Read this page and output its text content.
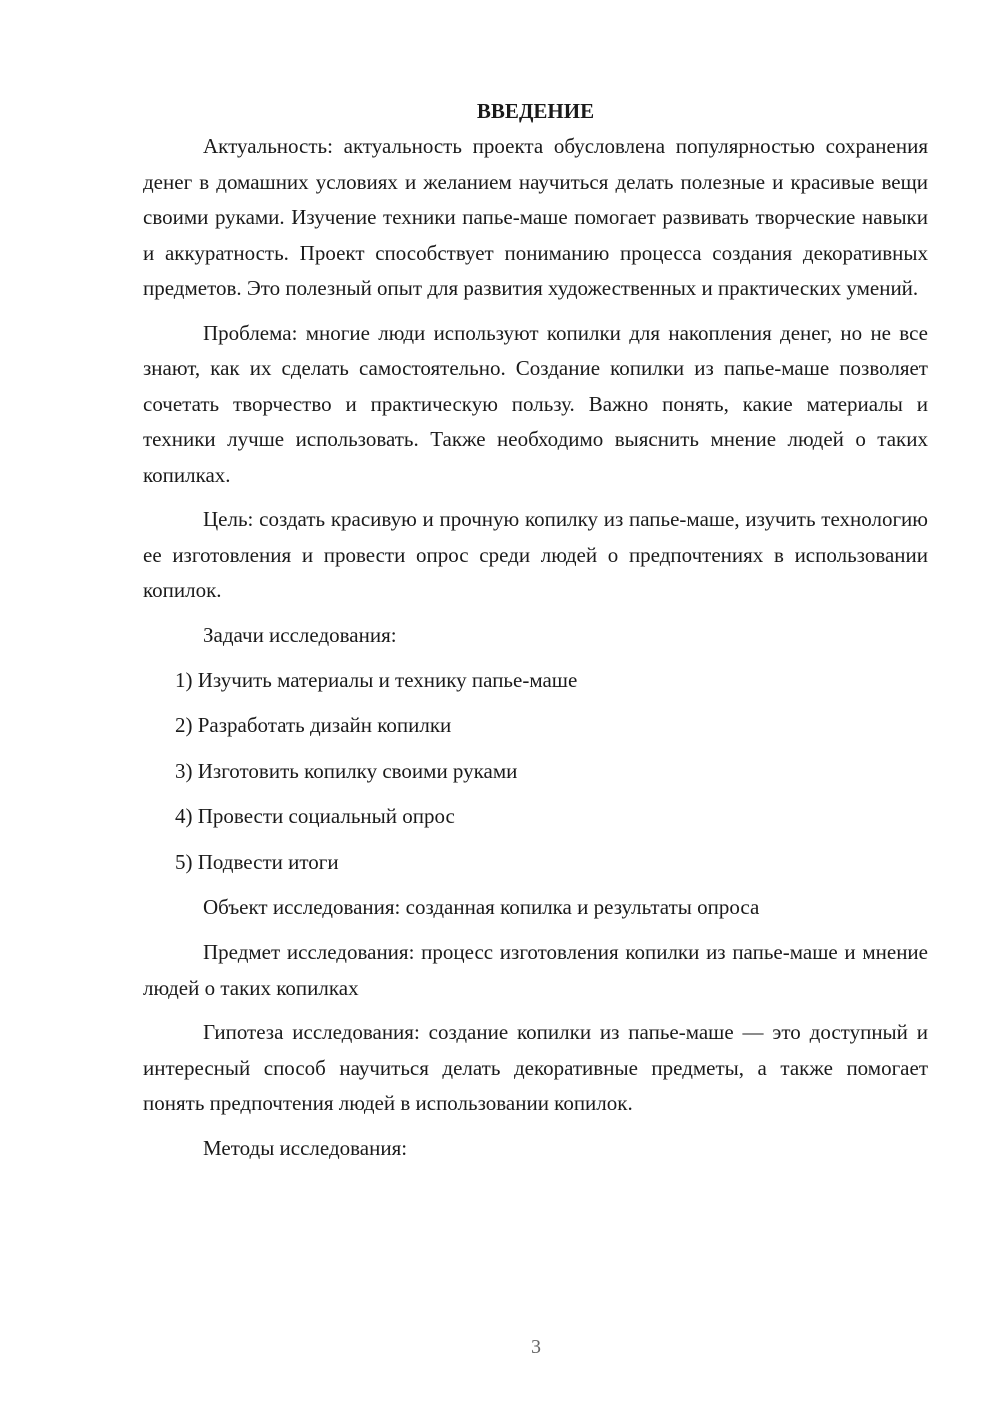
ВВЕДЕНИЕ

Актуальность: актуальность проекта обусловлена популярностью сохранения денег в домашних условиях и желанием научиться делать полезные и красивые вещи своими руками. Изучение техники папье-маше помогает развивать творческие навыки и аккуратность. Проект способствует пониманию процесса создания декоративных предметов. Это полезный опыт для развития художественных и практических умений.

Проблема: многие люди используют копилки для накопления денег, но не все знают, как их сделать самостоятельно. Создание копилки из папье-маше позволяет сочетать творчество и практическую пользу. Важно понять, какие материалы и техники лучше использовать. Также необходимо выяснить мнение людей о таких копилках.

Цель: создать красивую и прочную копилку из папье-маше, изучить технологию ее изготовления и провести опрос среди людей о предпочтениях в использовании копилок.

Задачи исследования:
1) Изучить материалы и технику папье-маше
2) Разработать дизайн копилки
3) Изготовить копилку своими руками
4) Провести социальный опрос
5) Подвести итоги
Объект исследования: созданная копилка и результаты опроса

Предмет исследования: процесс изготовления копилки из папье-маше и мнение людей о таких копилках

Гипотеза исследования: создание копилки из папье-маше — это доступный и интересный способ научиться делать декоративные предметы, а также помогает понять предпочтения людей в использовании копилок.

Методы исследования:
3
